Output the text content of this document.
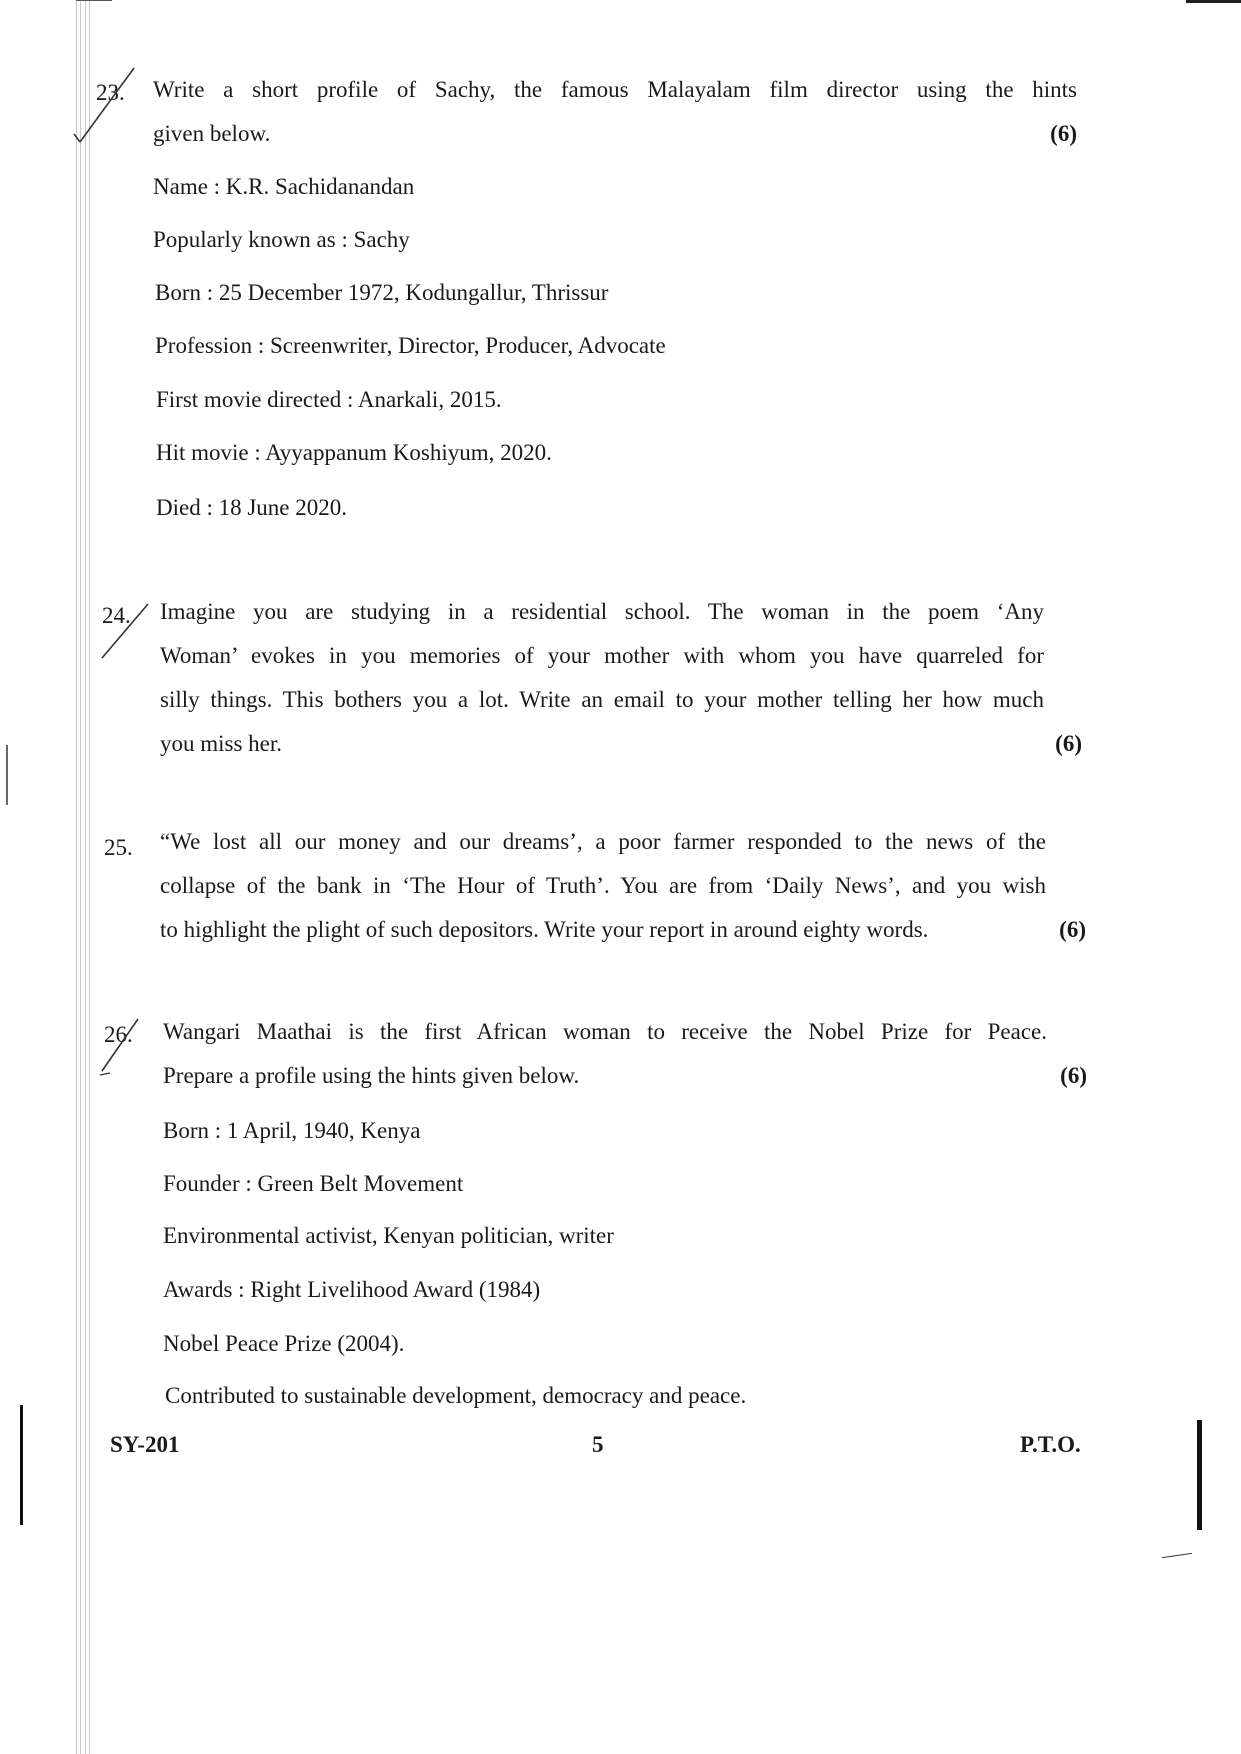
23. Write a short profile of Sachy, the famous Malayalam film director using the hints

given below.	(6)
Name : K.R. Sachidanandan
Popularly known as : Sachy
Born : 25 December 1972, Kodungallur, Thrissur
Profession : Screenwriter, Director, Producer, Advocate
First movie directed : Anarkali, 2015.
Hit movie : Ayyappanum Koshiyum, 2020.
Died : 18 June 2020.
24. Imagine you are studying in a residential school. The woman in the poem ‘Any

Woman’ evokes in you memories of your mother with whom you have quarreled for

silly things. This bothers you a lot. Write an email to your mother telling her how much

you miss her.	(6)
25. “We lost all our money and our dreams’, a poor farmer responded to the news of the

collapse of the bank in ‘The Hour of Truth’. You are from ‘Daily News’, and you wish

to highlight the plight of such depositors. Write your report in around eighty words.	(6)
26. Wangari Maathai is the first African woman to receive the Nobel Prize for Peace.

Prepare a profile using the hints given below.	(6)
Born : 1 April, 1940, Kenya
Founder : Green Belt Movement
Environmental activist, Kenyan politician, writer
Awards : Right Livelihood Award (1984)
Nobel Peace Prize (2004).
Contributed to sustainable development, democracy and peace.
SY-201	5	P.T.O.
